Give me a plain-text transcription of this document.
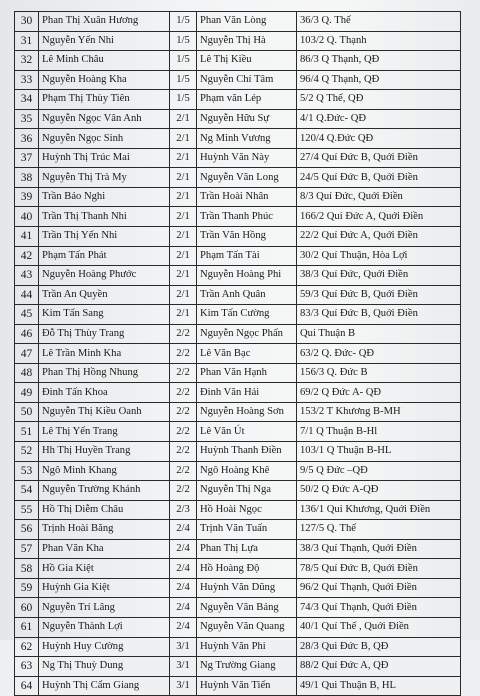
30	Phan Thị Xuân Hương	1/5	Phan Văn Lòng	36/3 Q. Thế
31	Nguyễn Yến Nhi	1/5	Nguyễn Thị Hà	103/2 Q. Thạnh
32	Lê Minh Châu	1/5	Lê Thị Kiều	86/3 Q Thạnh, QĐ
33	Nguyễn Hoàng Kha	1/5	Nguyễn Chí Tâm	96/4 Q Thạnh, QĐ
34	Phạm Thị Thùy Tiên	1/5	Phạm văn Lép	5/2 Q Thế, QĐ
35	Nguyễn Ngọc Vân Anh	2/1	Nguyễn Hữu Sự	4/1 Q.Đức- QĐ
36	Nguyễn Ngọc Sinh	2/1	Ng Minh Vương	120/4 Q.Đức QĐ
37	Huỳnh Thị Trúc Mai	2/1	Huỳnh Văn Này	27/4 Quí Đức B, Quới Điền
38	Nguyễn Thị Trà My	2/1	Nguyễn Văn Long	24/5 Quí Đức B, Quới Điền
39	Trần Bảo Nghi	2/1	Trần Hoài Nhân	8/3 Quí Đức, Quới Điền
40	Trần Thị Thanh Nhi	2/1	Trần Thanh Phúc	166/2 Quí Đức A, Quới Điền
41	Trần Thị Yến Nhi	2/1	Trần Văn Hồng	22/2 Quí Đức A, Quới Điền
42	Phạm Tấn Phát	2/1	Phạm Tấn Tài	30/2 Quí Thuận, Hòa Lợi
43	Nguyễn Hoàng Phước	2/1	Nguyễn Hoàng Phi	38/3 Quí Đức, Quới Điền
44	Trần An Quyền	2/1	Trần Anh Quân	59/3 Quí Đức B, Quới Điền
45	Kim Tấn Sang	2/1	Kim Tấn Cường	83/3 Quí Đức B, Quới Điền
46	Đỗ Thị Thùy Trang	2/2	Nguyễn Ngọc Phấn	Qui Thuận B
47	Lê Trần Minh Kha	2/2	Lê Văn Bạc	63/2 Q. Đức- QĐ
48	Phan Thị Hồng Nhung	2/2	Phan Văn Hạnh	156/3 Q. Đức B
49	Đinh Tấn Khoa	2/2	Đinh Văn Hải	69/2 Q Đức A- QĐ
50	Nguyễn Thị Kiều Oanh	2/2	Nguyễn Hoàng Sơn	153/2 T Khương B-MH
51	Lê Thị Yến Trang	2/2	Lê Văn Út	7/1 Q Thuận B-Hl
52	Hh Thị Huyền Trang	2/2	Huỳnh Thanh Điền	103/1 Q Thuận B-HL
53	Ngô Minh Khang	2/2	Ngô Hoàng Khê	9/5 Q Đức –QĐ
54	Nguyễn Trường Khánh	2/2	Nguyễn Thị Nga	50/2 Q Đức A-QĐ
55	Hồ Thị Diễm Châu	2/3	Hồ Hoài Ngọc	136/1 Qui Khương, Quới Điền
56	Trịnh Hoài Băng	2/4	Trịnh Văn Tuấn	127/5 Q. Thế
57	Phan Văn Kha	2/4	Phan Thị Lựa	38/3 Quí Thạnh, Quới Điền
58	Hồ Gia Kiệt	2/4	Hồ Hoàng Độ	78/5 Quí Đức B, Quới Điền
59	Huỳnh Gia Kiệt	2/4	Huỳnh Văn Dũng	96/2 Quí Thạnh, Quới Điền
60	Nguyễn Trí Lâng	2/4	Nguyễn Văn Bảng	74/3 Quí Thạnh, Quới Điền
61	Nguyễn Thành Lợi	2/4	Nguyễn Văn Quang	40/1 Quí Thế , Quới Điền
62	Huỳnh Huy Cường	3/1	Huỳnh Văn Phi	28/3 Qui Đức B, QĐ
63	Ng Thị Thuỳ Dung	3/1	Ng Trường Giang	88/2 Quí Đức A, QĐ
64	Huỳnh Thị Cẩm Giang	3/1	Huỳnh Văn Tiến	49/1 Qui Thuận B, HL
